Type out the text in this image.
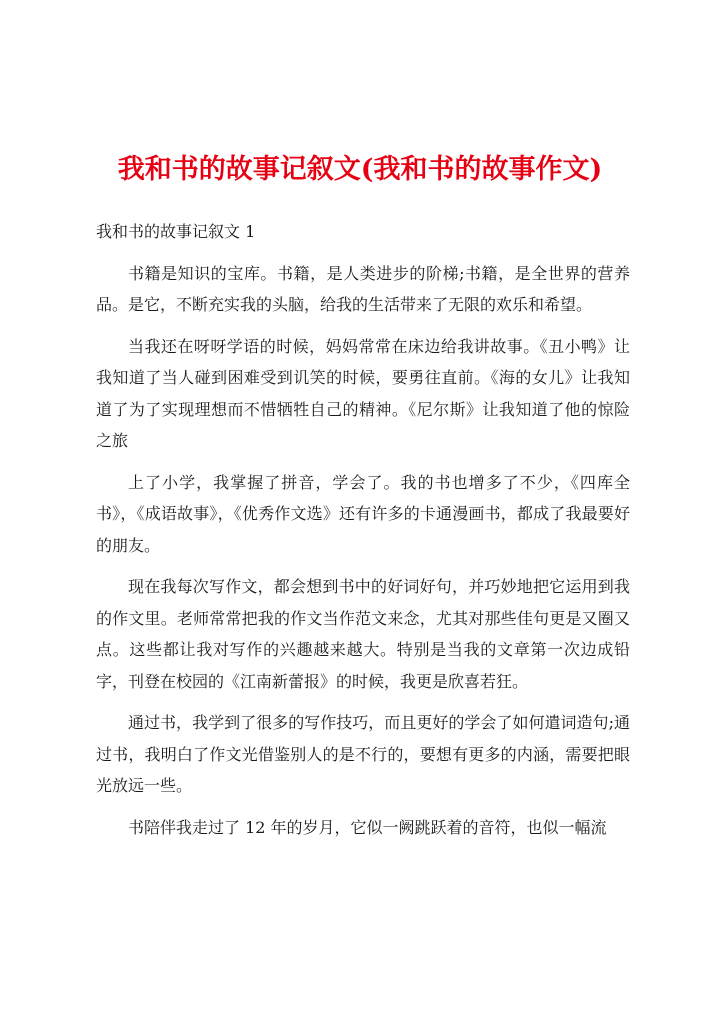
我和书的故事记叙文(我和书的故事作文)

我和书的故事记叙文 1

书籍是知识的宝库。书籍，是人类进步的阶梯;书籍，是全世界的营养品。是它，不断充实我的头脑，给我的生活带来了无限的欢乐和希望。

当我还在呀呀学语的时候，妈妈常常在床边给我讲故事。《丑小鸭》让我知道了当人碰到困难受到讥笑的时候，要勇往直前。《海的女儿》让我知道了为了实现理想而不惜牺牲自己的精神。《尼尔斯》让我知道了他的惊险之旅

上了小学，我掌握了拼音，学会了。我的书也增多了不少，《四库全书》，《成语故事》，《优秀作文选》还有许多的卡通漫画书，都成了我最要好的朋友。

现在我每次写作文，都会想到书中的好词好句，并巧妙地把它运用到我的作文里。老师常常把我的作文当作范文来念，尤其对那些佳句更是又圈又点。这些都让我对写作的兴趣越来越大。特别是当我的文章第一次边成铅字，刊登在校园的《江南新蕾报》的时候，我更是欣喜若狂。

通过书，我学到了很多的写作技巧，而且更好的学会了如何遣词造句;通过书，我明白了作文光借鉴别人的是不行的，要想有更多的内涵，需要把眼光放远一些。

书陪伴我走过了 12 年的岁月，它似一阙跳跃着的音符，也似一幅流
